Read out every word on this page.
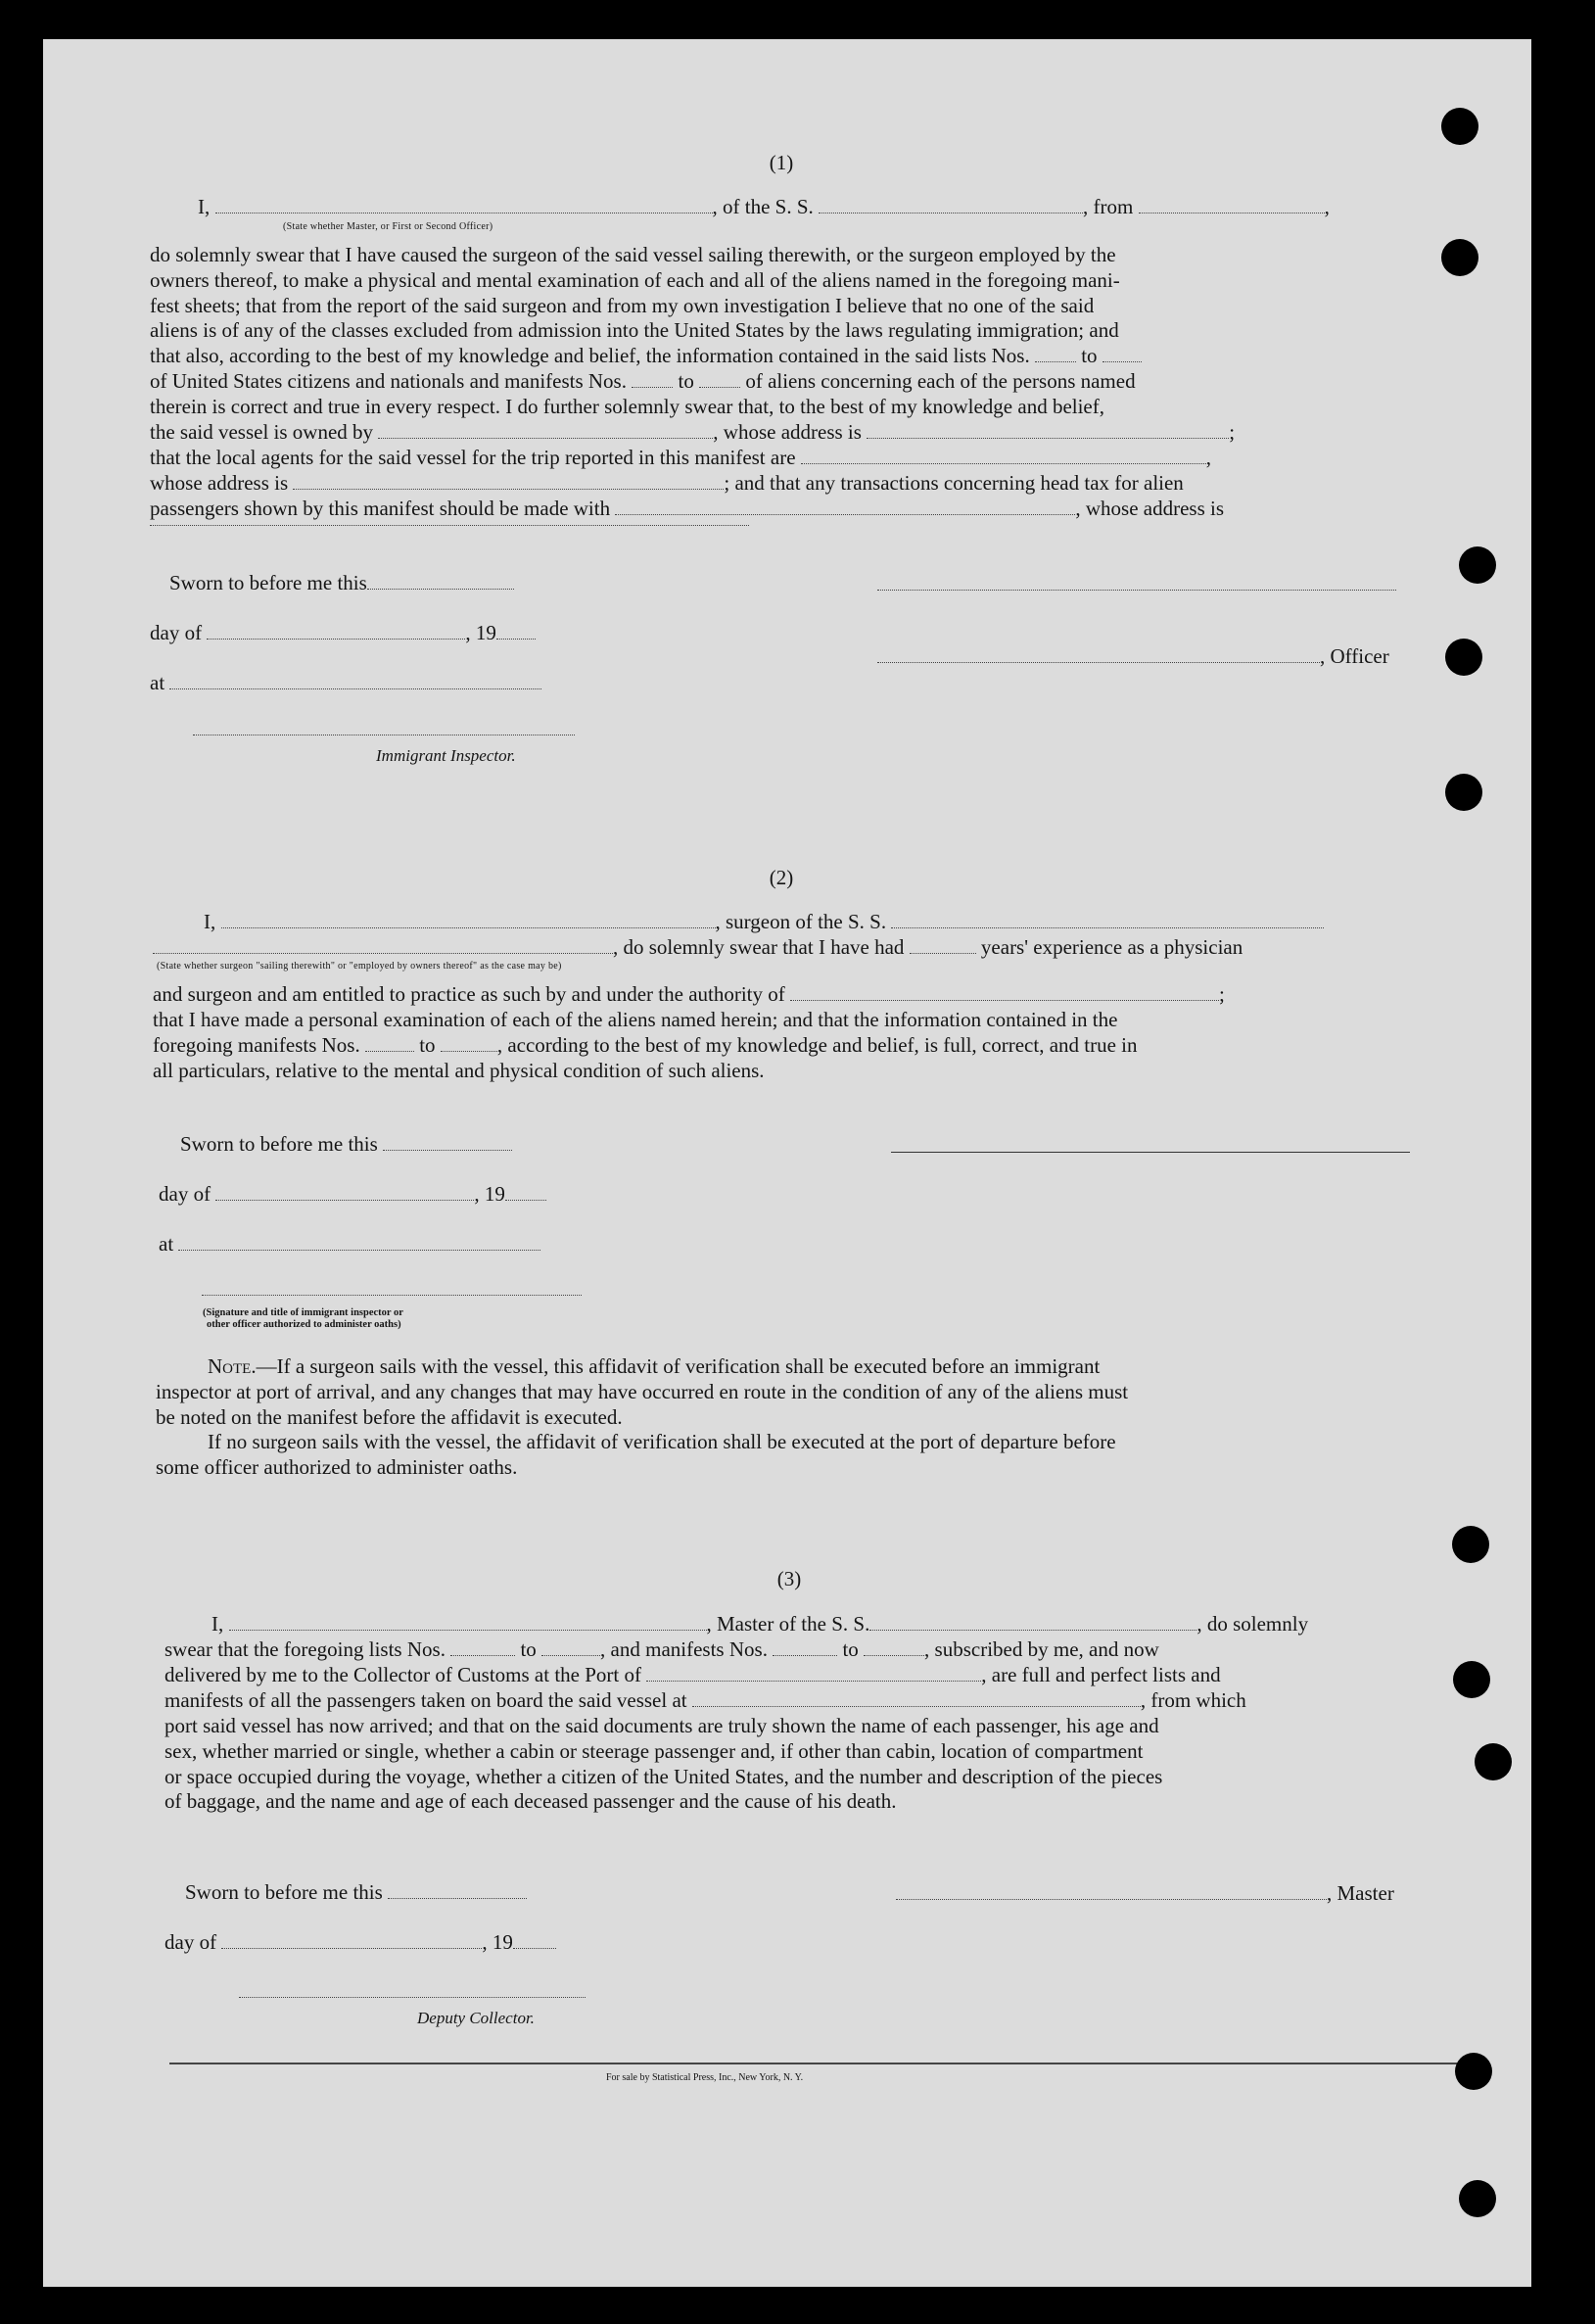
(1)
I,	, of the S. S.	, from	,
(State whether Master, or First or Second Officer)
do solemnly swear that I have caused the surgeon of the said vessel sailing therewith, or the surgeon employed by the
owners thereof, to make a physical and mental examination of each and all of the aliens named in the foregoing mani-
fest sheets; that from the report of the said surgeon and from my own investigation I believe that no one of the said
aliens is of any of the classes excluded from admission into the United States by the laws regulating immigration; and
that also, according to the best of my knowledge and belief, the information contained in the said lists Nos.	to
of United States citizens and nationals and manifests Nos.	to	of aliens concerning each of the persons named
therein is correct and true in every respect. I do further solemnly swear that, to the best of my knowledge and belief,
the said vessel is owned by	, whose address is	;
that the local agents for the said vessel for the trip reported in this manifest are	,
whose address is	; and that any transactions concerning head tax for alien
passengers shown by this manifest should be made with	, whose address is
Sworn to before me this
day of	, 19
at
Immigrant Inspector.
, Officer
(2)
I,	, surgeon of the S. S.
, do solemnly swear that I have had	years' experience as a physician
(State whether surgeon "sailing therewith" or "employed by owners thereof" as the case may be)
and surgeon and am entitled to practice as such by and under the authority of	;
that I have made a personal examination of each of the aliens named herein; and that the information contained in the
foregoing manifests Nos.	to	, according to the best of my knowledge and belief, is full, correct, and true in
all particulars, relative to the mental and physical condition of such aliens.
Sworn to before me this
day of	, 19
at
(Signature and title of immigrant inspector or
other officer authorized to administer oaths)
Note.—If a surgeon sails with the vessel, this affidavit of verification shall be executed before an immigrant
inspector at port of arrival, and any changes that may have occurred en route in the condition of any of the aliens must
be noted on the manifest before the affidavit is executed.
If no surgeon sails with the vessel, the affidavit of verification shall be executed at the port of departure before
some officer authorized to administer oaths.
(3)
I,	, Master of the S. S.	, do solemnly
swear that the foregoing lists Nos.	to	, and manifests Nos.	to	, subscribed by me, and now
delivered by me to the Collector of Customs at the Port of	, are full and perfect lists and
manifests of all the passengers taken on board the said vessel at	, from which
port said vessel has now arrived; and that on the said documents are truly shown the name of each passenger, his age and
sex, whether married or single, whether a cabin or steerage passenger and, if other than cabin, location of compartment
or space occupied during the voyage, whether a citizen of the United States, and the number and description of the pieces
of baggage, and the name and age of each deceased passenger and the cause of his death.
Sworn to before me this
day of	, 19
Deputy Collector.
, Master
For sale by Statistical Press, Inc., New York, N. Y.
